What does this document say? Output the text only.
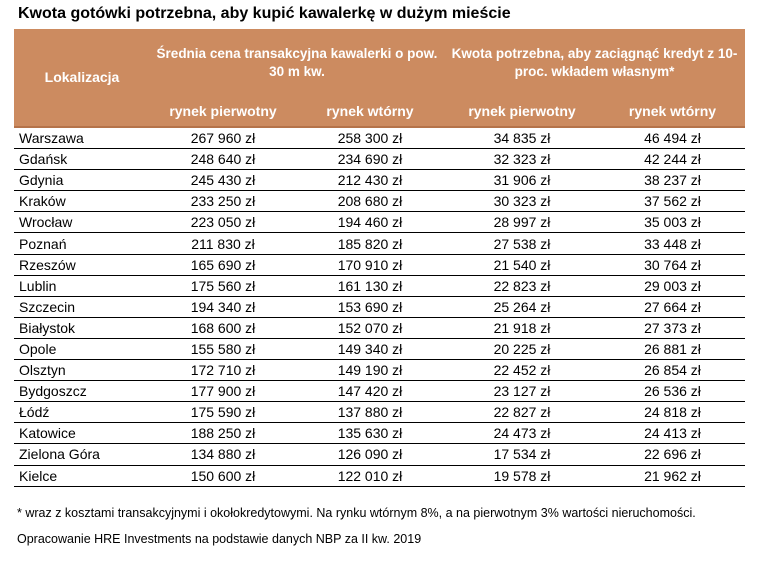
Kwota gotówki potrzebna, aby kupić kawalerkę w dużym mieście
Lokalizacja
Średnia cena transakcyjna kawalerki o pow. 30 m kw.
Kwota potrzebna, aby zaciągnąć kredyt z 10-proc. wkładem własnym*
rynek pierwotny	rynek wtórny	rynek pierwotny	rynek wtórny
Warszawa	267 960 zł	258 300 zł	34 835 zł	46 494 zł
Gdańsk	248 640 zł	234 690 zł	32 323 zł	42 244 zł
Gdynia	245 430 zł	212 430 zł	31 906 zł	38 237 zł
Kraków	233 250 zł	208 680 zł	30 323 zł	37 562 zł
Wrocław	223 050 zł	194 460 zł	28 997 zł	35 003 zł
Poznań	211 830 zł	185 820 zł	27 538 zł	33 448 zł
Rzeszów	165 690 zł	170 910 zł	21 540 zł	30 764 zł
Lublin	175 560 zł	161 130 zł	22 823 zł	29 003 zł
Szczecin	194 340 zł	153 690 zł	25 264 zł	27 664 zł
Białystok	168 600 zł	152 070 zł	21 918 zł	27 373 zł
Opole	155 580 zł	149 340 zł	20 225 zł	26 881 zł
Olsztyn	172 710 zł	149 190 zł	22 452 zł	26 854 zł
Bydgoszcz	177 900 zł	147 420 zł	23 127 zł	26 536 zł
Łódź	175 590 zł	137 880 zł	22 827 zł	24 818 zł
Katowice	188 250 zł	135 630 zł	24 473 zł	24 413 zł
Zielona Góra	134 880 zł	126 090 zł	17 534 zł	22 696 zł
Kielce	150 600 zł	122 010 zł	19 578 zł	21 962 zł
* wraz z kosztami transakcyjnymi i okołokredytowymi. Na rynku wtórnym 8%, a na pierwotnym 3% wartości nieruchomości.
Opracowanie HRE Investments na podstawie danych NBP za II kw. 2019
